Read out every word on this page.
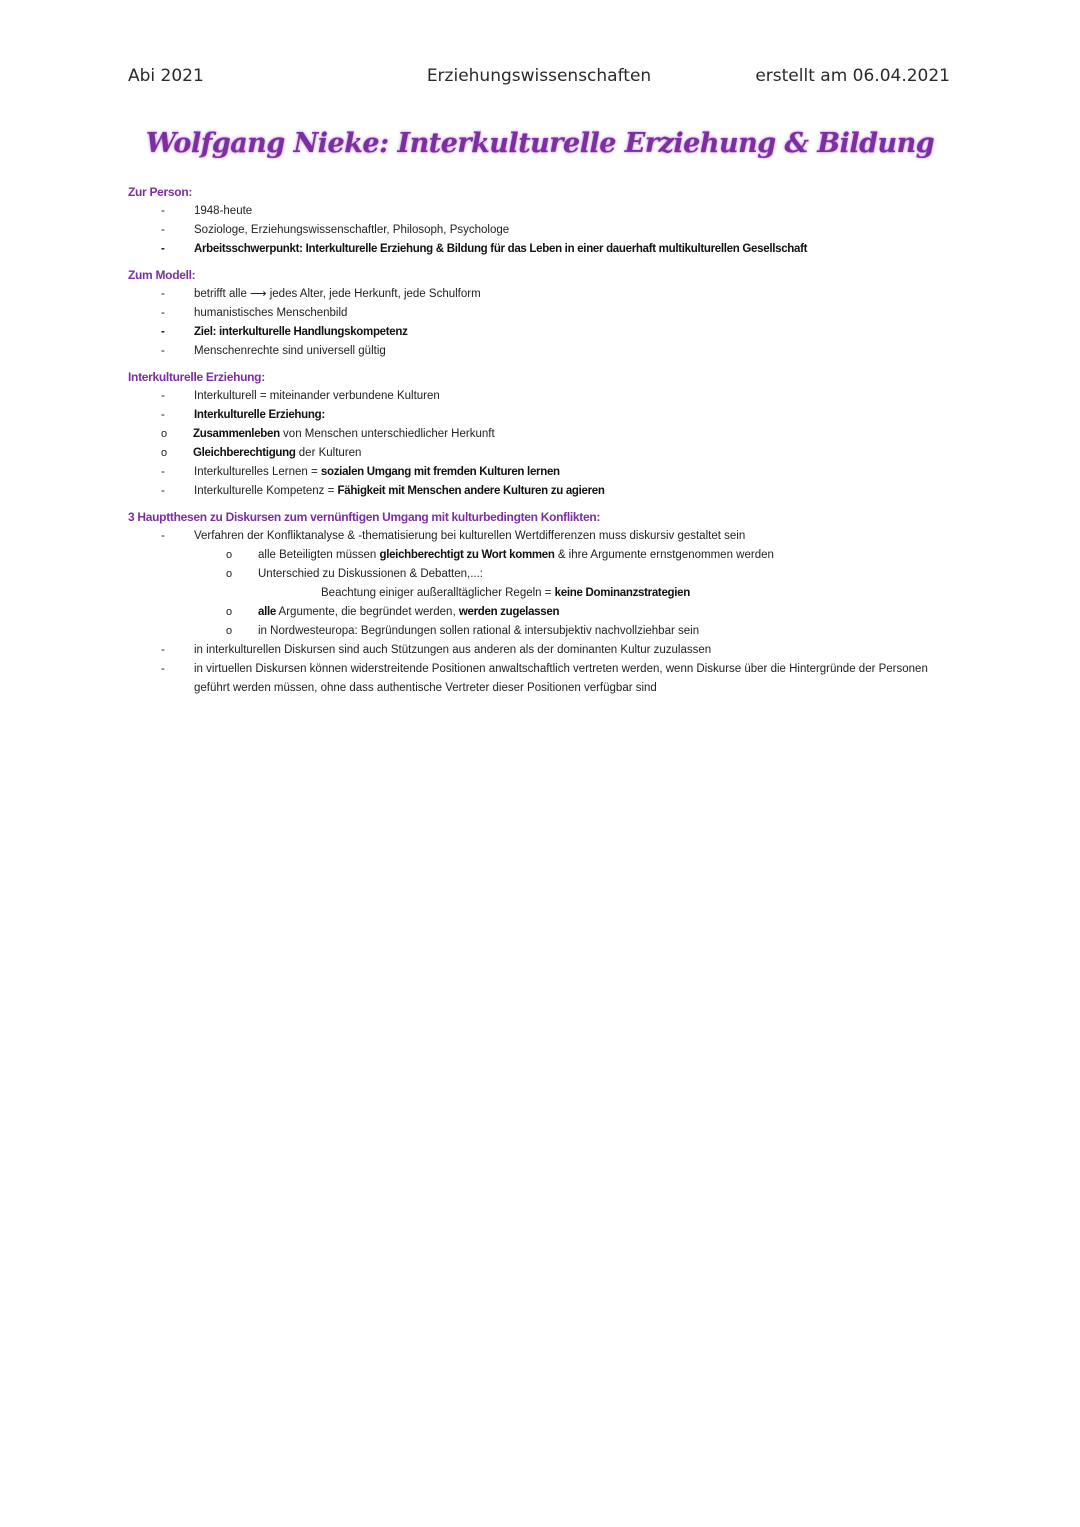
Abi 2021	Erziehungswissenschaften	erstellt am 06.04.2021
Wolfgang Nieke: Interkulturelle Erziehung & Bildung
Zur Person:
- 1948-heute
- Soziologe, Erziehungswissenschaftler, Philosoph, Psychologe
- Arbeitsschwerpunkt: Interkulturelle Erziehung & Bildung für das Leben in einer dauerhaft multikulturellen Gesellschaft
Zum Modell:
- betrifft alle ⟶ jedes Alter, jede Herkunft, jede Schulform
- humanistisches Menschenbild
- Ziel: interkulturelle Handlungskompetenz
- Menschenrechte sind universell gültig
Interkulturelle Erziehung:
- Interkulturell = miteinander verbundene Kulturen
- Interkulturelle Erziehung:
o Zusammenleben von Menschen unterschiedlicher Herkunft
o Gleichberechtigung der Kulturen
- Interkulturelles Lernen = sozialen Umgang mit fremden Kulturen lernen
- Interkulturelle Kompetenz = Fähigkeit mit Menschen andere Kulturen zu agieren
3 Hauptthesen zu Diskursen zum vernünftigen Umgang mit kulturbedingten Konflikten:
- Verfahren der Konfliktanalyse & -thematisierung bei kulturellen Wertdifferenzen muss diskursiv gestaltet sein
o alle Beteiligten müssen gleichberechtigt zu Wort kommen & ihre Argumente ernstgenommen werden
o Unterschied zu Diskussionen & Debatten,...:
Beachtung einiger außeralltäglicher Regeln = keine Dominanzstrategien
o alle Argumente, die begründet werden, werden zugelassen
o in Nordwesteuropa: Begründungen sollen rational & intersubjektiv nachvollziehbar sein
- in interkulturellen Diskursen sind auch Stützungen aus anderen als der dominanten Kultur zuzulassen
- in virtuellen Diskursen können widerstreitende Positionen anwaltschaftlich vertreten werden, wenn Diskurse über die Hintergründe der Personen geführt werden müssen, ohne dass authentische Vertreter dieser Positionen verfügbar sind
